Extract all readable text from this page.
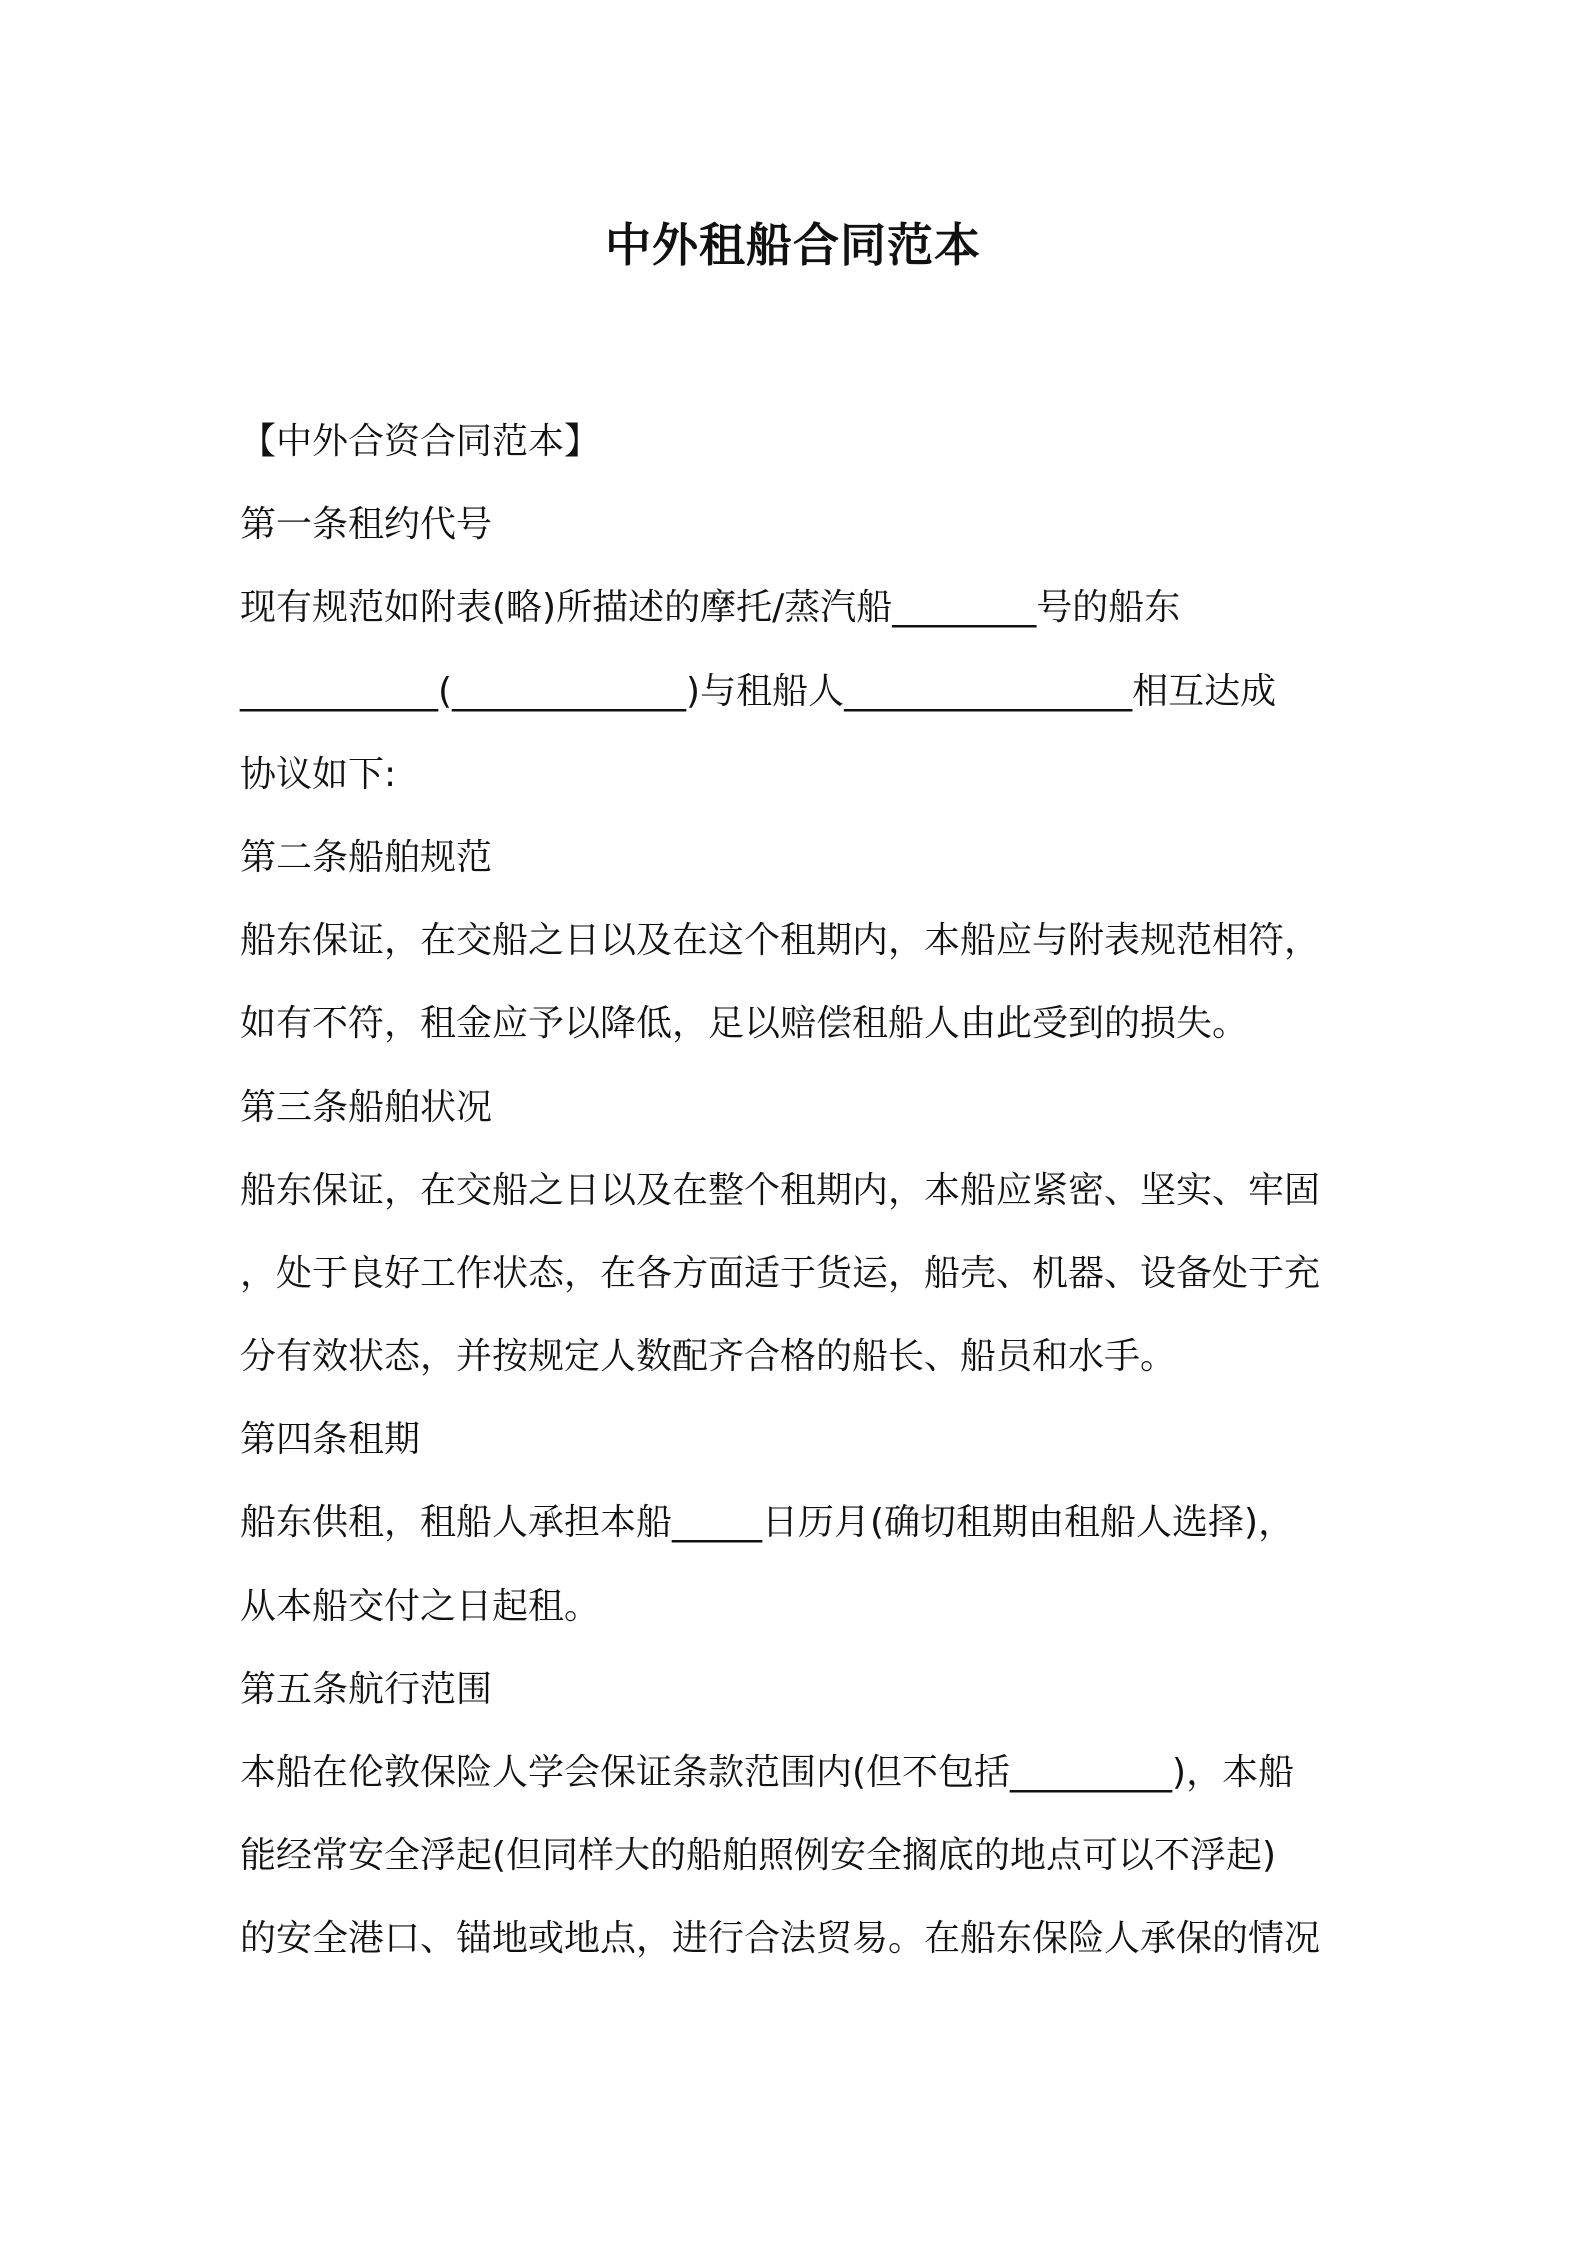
中外租船合同范本
【中外合资合同范本】
第一条租约代号
现有规范如附表(略)所描述的摩托/蒸汽船________号的船东
___________(_____________)与租船人________________相互达成
协议如下:
第二条船舶规范
船东保证，在交船之日以及在这个租期内，本船应与附表规范相符，
如有不符，租金应予以降低，足以赔偿租船人由此受到的损失。
第三条船舶状况
船东保证，在交船之日以及在整个租期内，本船应紧密、坚实、牢固
，处于良好工作状态，在各方面适于货运，船壳、机器、设备处于充
分有效状态，并按规定人数配齐合格的船长、船员和水手。
第四条租期
船东供租，租船人承担本船_____日历月(确切租期由租船人选择)，
从本船交付之日起租。
第五条航行范围
本船在伦敦保险人学会保证条款范围内(但不包括_________)，本船
能经常安全浮起(但同样大的船舶照例安全搁底的地点可以不浮起)
的安全港口、锚地或地点，进行合法贸易。在船东保险人承保的情况
